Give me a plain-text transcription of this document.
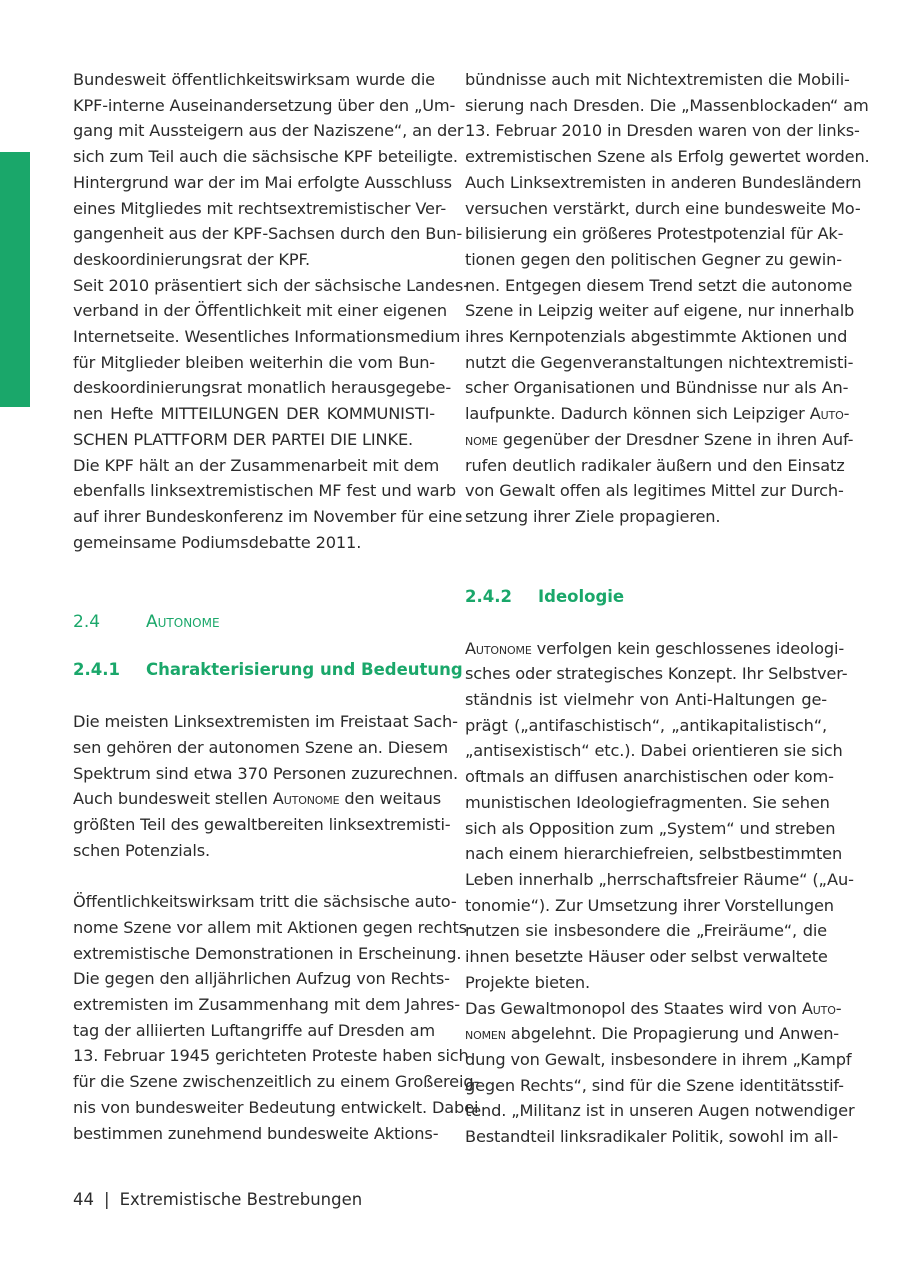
Bundesweit öffentlichkeitswirksam wurde die

KPF-interne Auseinandersetzung über den „Um-

gang mit Aussteigern aus der Naziszene“, an der

sich zum Teil auch die sächsische KPF beteiligte.

Hintergrund war der im Mai erfolgte Ausschluss

eines Mitgliedes mit rechtsextremistischer Ver-

gangenheit aus der KPF-Sachsen durch den Bun-

deskoordinierungsrat der KPF.

Seit 2010 präsentiert sich der sächsische Landes-

verband in der Öffentlichkeit mit einer eigenen

Internetseite. Wesentliches Informationsmedium

für Mitglieder bleiben weiterhin die vom Bun-

deskoordinierungsrat monatlich herausgegebe-

nen Hefte MITTEILUNGEN DER KOMMUNISTI-

SCHEN PLATTFORM DER PARTEI DIE LINKE.

Die KPF hält an der Zusammenarbeit mit dem

ebenfalls linksextremistischen MF fest und warb

auf ihrer Bundeskonferenz im November für eine

gemeinsame Podiumsdebatte 2011.

2.4	Autonome
2.4.1 Charakterisierung und Bedeutung

Die meisten Linksextremisten im Freistaat Sach-

sen gehören der autonomen Szene an. Diesem

Spektrum sind etwa 370 Personen zuzurechnen.

Auch bundesweit stellen Autonome den weitaus

größten Teil des gewaltbereiten linksextremisti-

schen Potenzials.

Öffentlichkeitswirksam tritt die sächsische auto-

nome Szene vor allem mit Aktionen gegen rechts-

extremistische Demonstrationen in Erscheinung.

Die gegen den alljährlichen Aufzug von Rechts-

extremisten im Zusammenhang mit dem Jahres-

tag der alliierten Luftangriffe auf Dresden am

13. Februar 1945 gerichteten Proteste haben sich

für die Szene zwischenzeitlich zu einem Großereig-

nis von bundesweiter Bedeutung entwickelt. Dabei

bestimmen zunehmend bundesweite Aktions-

bündnisse auch mit Nichtextremisten die Mobili-

sierung nach Dresden. Die „Massenblockaden“ am

13. Februar 2010 in Dresden waren von der links-

extremistischen Szene als Erfolg gewertet worden.

Auch Linksextremisten in anderen Bundesländern

versuchen verstärkt, durch eine bundesweite Mo-

bilisierung ein größeres Protestpotenzial für Ak-

tionen gegen den politischen Gegner zu gewin-

nen. Entgegen diesem Trend setzt die autonome

Szene in Leipzig weiter auf eigene, nur innerhalb

ihres Kernpotenzials abgestimmte Aktionen und

nutzt die Gegenveranstaltungen nichtextremisti-

scher Organisationen und Bündnisse nur als An-

laufpunkte. Dadurch können sich Leipziger Auto-

nome gegenüber der Dresdner Szene in ihren Auf-

rufen deutlich radikaler äußern und den Einsatz

von Gewalt offen als legitimes Mittel zur Durch-

setzung ihrer Ziele propagieren.

2.4.2 Ideologie

Autonome verfolgen kein geschlossenes ideologi-

sches oder strategisches Konzept. Ihr Selbstver-

ständnis ist vielmehr von Anti-Haltungen ge-

prägt („antifaschistisch“, „antikapitalistisch“,

„antisexistisch“ etc.). Dabei orientieren sie sich

oftmals an diffusen anarchistischen oder kom-

munistischen Ideologiefragmenten. Sie sehen

sich als Opposition zum „System“ und streben

nach einem hierarchiefreien, selbstbestimmten

Leben innerhalb „herrschaftsfreier Räume“ („Au-

tonomie“). Zur Umsetzung ihrer Vorstellungen

nutzen sie insbesondere die „Freiräume“, die

ihnen besetzte Häuser oder selbst verwaltete

Projekte bieten.

Das Gewaltmonopol des Staates wird von Auto-

nomen abgelehnt. Die Propagierung und Anwen-

dung von Gewalt, insbesondere in ihrem „Kampf

gegen Rechts“, sind für die Szene identitätsstif-

tend. „Militanz ist in unseren Augen notwendiger

Bestandteil linksradikaler Politik, sowohl im all-

44 | Extremistische Bestrebungen
